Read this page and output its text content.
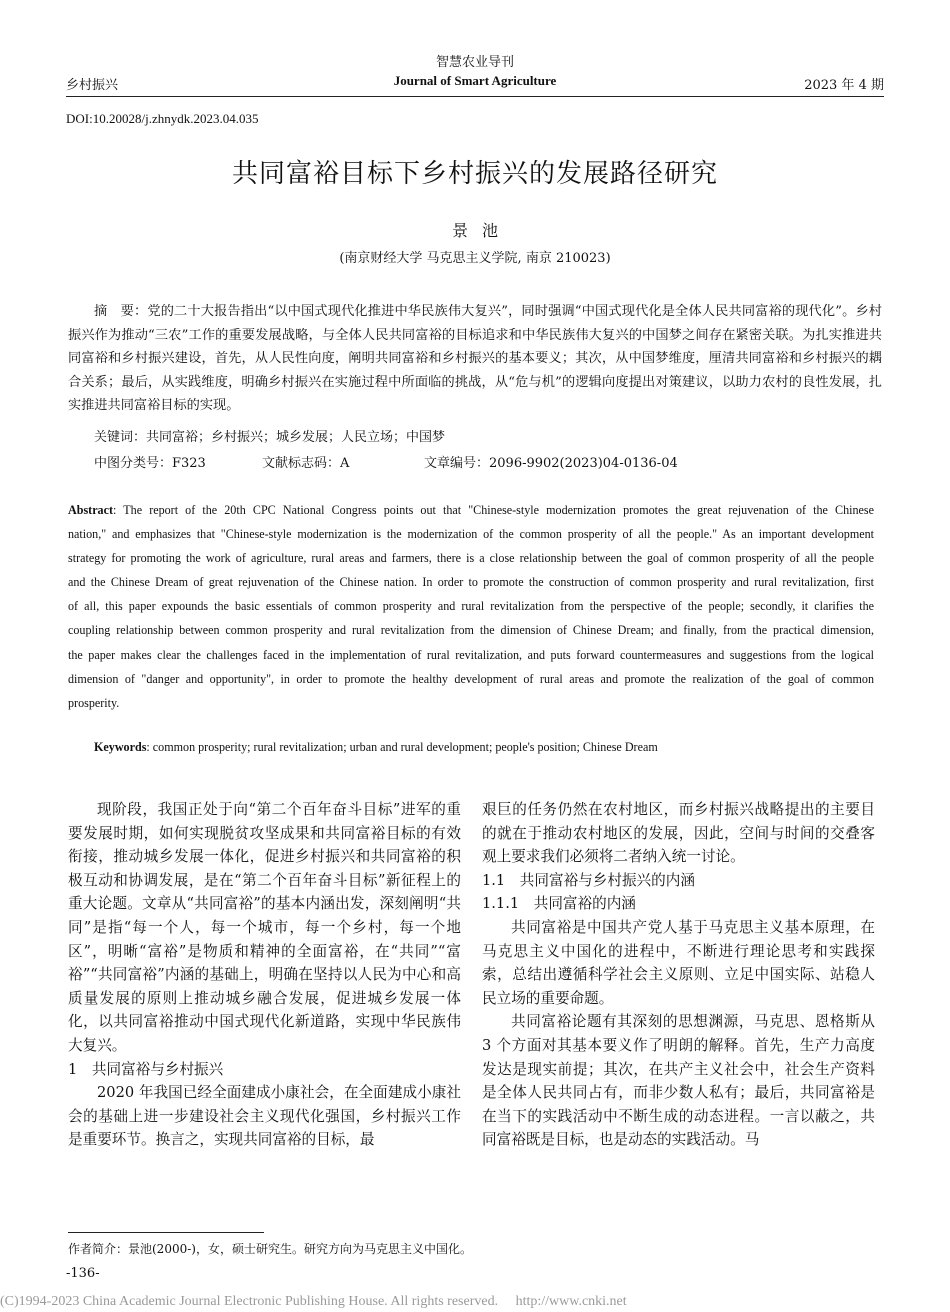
乡村振兴
智慧农业导刊
Journal of Smart Agriculture	2023 年 4 期
DOI:10.20028/j.zhnydk.2023.04.035
共同富裕目标下乡村振兴的发展路径研究
景池
(南京财经大学 马克思主义学院, 南京 210023)
摘　要：党的二十大报告指出“以中国式现代化推进中华民族伟大复兴”，同时强调“中国式现代化是全体人民共同富裕的现代化”。乡村振兴作为推动“三农”工作的重要发展战略，与全体人民共同富裕的目标追求和中华民族伟大复兴的中国梦之间存在紧密关联。为扎实推进共同富裕和乡村振兴建设，首先，从人民性向度，阐明共同富裕和乡村振兴的基本要义；其次，从中国梦维度，厘清共同富裕和乡村振兴的耦合关系；最后，从实践维度，明确乡村振兴在实施过程中所面临的挑战，从“危与机”的逻辑向度提出对策建议，以助力农村的良性发展，扎实推进共同富裕目标的实现。
关键词：共同富裕；乡村振兴；城乡发展；人民立场；中国梦
中图分类号：F323	文献标志码：A	文章编号：2096-9902(2023)04-0136-04
Abstract: The report of the 20th CPC National Congress points out that "Chinese-style modernization promotes the great rejuvenation of the Chinese nation," and emphasizes that "Chinese-style modernization is the modernization of the common prosperity of all the people." As an important development strategy for promoting the work of agriculture, rural areas and farmers, there is a close relationship between the goal of common prosperity of all the people and the Chinese Dream of great rejuvenation of the Chinese nation. In order to promote the construction of common prosperity and rural revitalization, first of all, this paper expounds the basic essentials of common prosperity and rural revitalization from the perspective of the people; secondly, it clarifies the coupling relationship between common prosperity and rural revitalization from the dimension of Chinese Dream; and finally, from the practical dimension, the paper makes clear the challenges faced in the implementation of rural revitalization, and puts forward countermeasures and suggestions from the logical dimension of "danger and opportunity", in order to promote the healthy development of rural areas and promote the realization of the goal of common prosperity.
Keywords: common prosperity; rural revitalization; urban and rural development; people's position; Chinese Dream

现阶段，我国正处于向“第二个百年奋斗目标”进军的重要发展时期，如何实现脱贫攻坚成果和共同富裕目标的有效衔接，推动城乡发展一体化，促进乡村振兴和共同富裕的积极互动和协调发展，是在“第二个百年奋斗目标”新征程上的重大论题。文章从“共同富裕”的基本内涵出发，深刻阐明“共同”是指“每一个人，每一个城市，每一个乡村，每一个地区”，明晰“富裕”是物质和精神的全面富裕，在“共同”“富裕”“共同富裕”内涵的基础上，明确在坚持以人民为中心和高质量发展的原则上推动城乡融合发展，促进城乡发展一体化，以共同富裕推动中国式现代化新道路，实现中华民族伟大复兴。

1　共同富裕与乡村振兴

2020 年我国已经全面建成小康社会，在全面建成小康社会的基础上进一步建设社会主义现代化强国，乡村振兴工作是重要环节。换言之，实现共同富裕的目标，最

艰巨的任务仍然在农村地区，而乡村振兴战略提出的主要目的就在于推动农村地区的发展，因此，空间与时间的交叠客观上要求我们必须将二者纳入统一讨论。

1.1　共同富裕与乡村振兴的内涵

1.1.1　共同富裕的内涵

共同富裕是中国共产党人基于马克思主义基本原理，在马克思主义中国化的进程中，不断进行理论思考和实践探索，总结出遵循科学社会主义原则、立足中国实际、站稳人民立场的重要命题。

共同富裕论题有其深刻的思想渊源，马克思、恩格斯从 3 个方面对其基本要义作了明朗的解释。首先，生产力高度发达是现实前提；其次，在共产主义社会中，社会生产资料是全体人民共同占有，而非少数人私有；最后，共同富裕是在当下的实践活动中不断生成的动态进程。一言以蔽之，共同富裕既是目标，也是动态的实践活动。马

作者简介：景池(2000-)，女，硕士研究生。研究方向为马克思主义中国化。
-136-
(C)1994-2023 China Academic Journal Electronic Publishing House. All rights reserved.　 http://www.cnki.net
